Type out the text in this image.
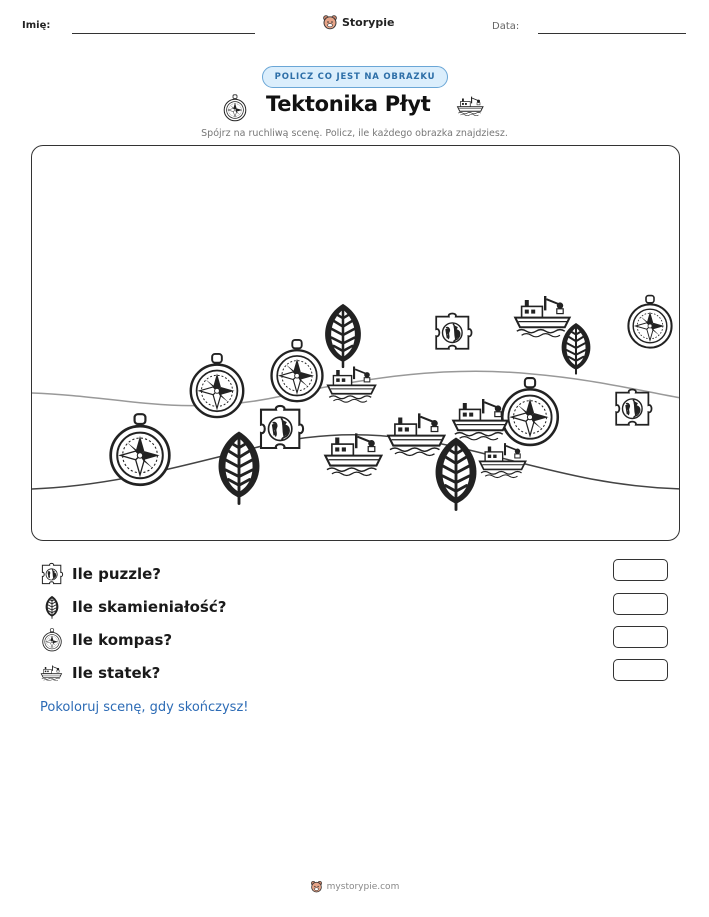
Imię:	Storypie	Data:
POLICZ CO JEST NA OBRAZKU
Tektonika Płyt
Spójrz na ruchliwą scenę. Policz, ile każdego obrazka znajdziesz.
Ile puzzle?
Ile skamieniałość?
Ile kompas?
Ile statek?
Pokoloruj scenę, gdy skończysz!
mystorypie.com
